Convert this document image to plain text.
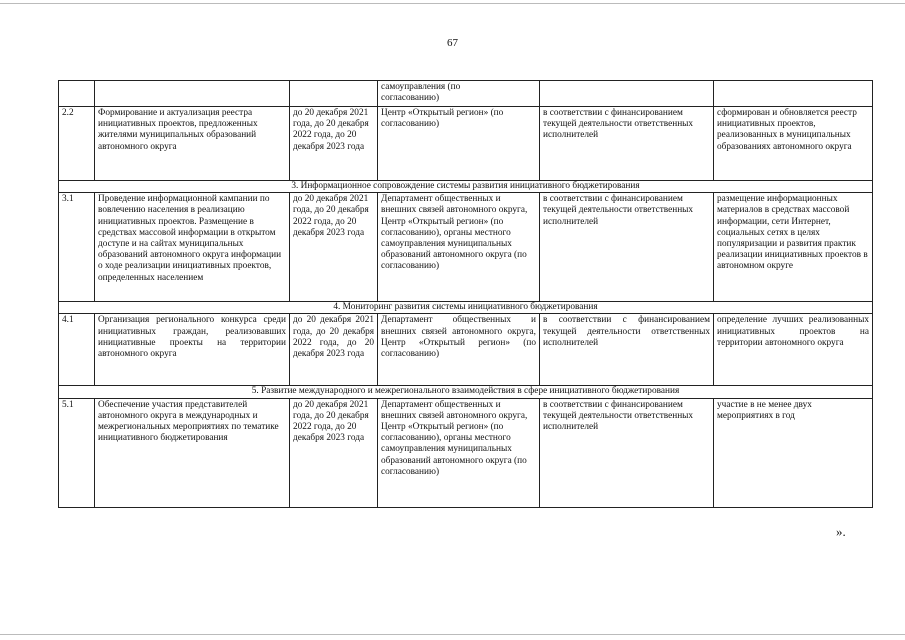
67
			самоуправления (по
согласованию)		
2.2	Формирование и актуализация реестра инициативных проектов, предложенных жителями муниципальных образований автономного округа	до 20 декабря 2021 года, до 20 декабря 2022 года, до 20 декабря 2023 года	Центр «Открытый регион» (по согласованию)	в соответствии с финансированием текущей деятельности ответственных исполнителей	сформирован и обновляется реестр инициативных проектов, реализованных в муниципальных образованиях автономного округа
3. Информационное сопровождение системы развития инициативного бюджетирования					
3.1	Проведение информационной кампании по вовлечению населения в реализацию инициативных проектов. Размещение в средствах массовой информации в открытом доступе и на сайтах муниципальных образований автономного округа информации о ходе реализации инициативных проектов, определенных населением	до 20 декабря 2021 года, до 20 декабря 2022 года, до 20 декабря 2023 года	Департамент общественных и внешних связей автономного округа, Центр «Открытый регион» (по согласованию), органы местного самоуправления муниципальных образований автономного округа (по согласованию)	в соответствии с финансированием текущей деятельности ответственных исполнителей	размещение информационных материалов в средствах массовой информации, сети Интернет, социальных сетях в целях популяризации и развития практик реализации инициативных проектов в автономном округе
4. Мониторинг развития системы инициативного бюджетирования					
4.1	Организация регионального конкурса среди инициативных граждан, реализовавших инициативные проекты на территории автономного округа	до 20 декабря 2021 года, до 20 декабря 2022 года, до 20 декабря 2023 года	Департамент общественных и внешних связей автономного округа, Центр «Открытый регион» (по согласованию)	в соответствии с финансированием текущей деятельности ответственных исполнителей	определение лучших реализованных инициативных проектов на территории автономного округа
5. Развитие международного и межрегионального взаимодействия в сфере инициативного бюджетирования					
5.1	Обеспечение участия представителей автономного округа в международных и межрегиональных мероприятиях по тематике инициативного бюджетирования	до 20 декабря 2021 года, до 20 декабря 2022 года, до 20 декабря 2023 года	Департамент общественных и внешних связей автономного округа, Центр «Открытый регион» (по согласованию), органы местного самоуправления муниципальных образований автономного округа (по согласованию)	в соответствии с финансированием текущей деятельности ответственных исполнителей	участие в не менее двух мероприятиях в год
».
